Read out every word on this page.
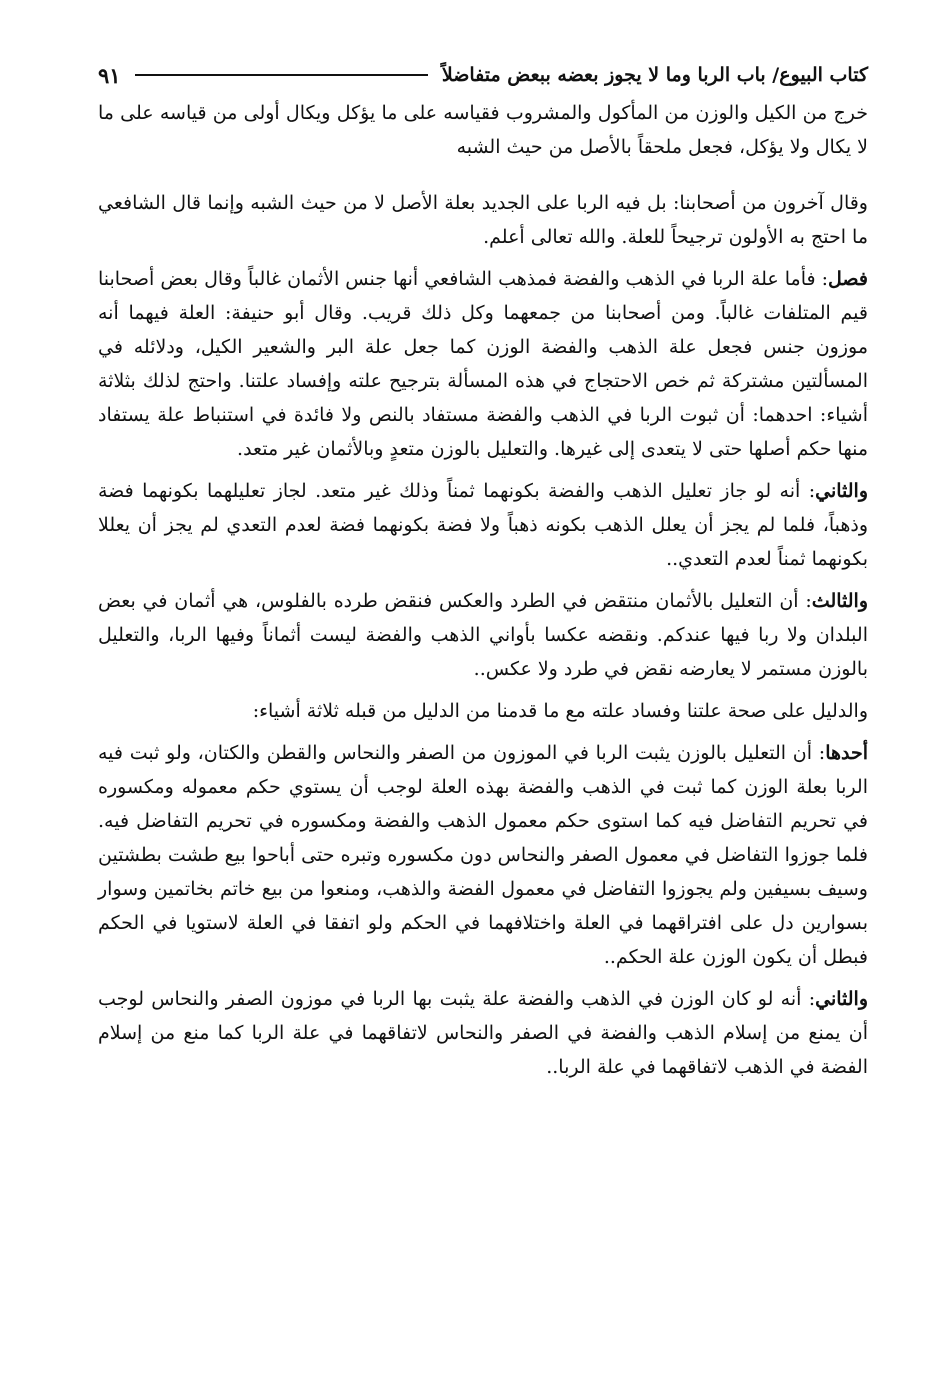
كتاب البيوع/ باب الربا وما لا يجوز بعضه ببعض متفاضلاً
٩١

خرج من الكيل والوزن من المأكول والمشروب فقياسه على ما يؤكل ويكال أولى من قياسه على ما لا يكال ولا يؤكل، فجعل ملحقاً بالأصل من حيث الشبه

وقال آخرون من أصحابنا: بل فيه الربا على الجديد بعلة الأصل لا من حيث الشبه وإنما قال الشافعي ما احتج به الأولون ترجيحاً للعلة. والله تعالى أعلم.

فصل: فأما علة الربا في الذهب والفضة فمذهب الشافعي أنها جنس الأثمان غالباً وقال بعض أصحابنا قيم المتلفات غالباً. ومن أصحابنا من جمعهما وكل ذلك قريب. وقال أبو حنيفة: العلة فيهما أنه موزون جنس فجعل علة الذهب والفضة الوزن كما جعل علة البر والشعير الكيل، ودلائله في المسألتين مشتركة ثم خص الاحتجاج في هذه المسألة بترجيح علته وإفساد علتنا. واحتج لذلك بثلاثة أشياء: احدهما: أن ثبوت الربا في الذهب والفضة مستفاد بالنص ولا فائدة في استنباط علة يستفاد منها حكم أصلها حتى لا يتعدى إلى غيرها. والتعليل بالوزن متعدٍ وبالأثمان غير متعد.

والثاني: أنه لو جاز تعليل الذهب والفضة بكونهما ثمناً وذلك غير متعد. لجاز تعليلهما بكونهما فضة وذهباً، فلما لم يجز أن يعلل الذهب بكونه ذهباً ولا فضة بكونهما فضة لعدم التعدي لم يجز أن يعللا بكونهما ثمناً لعدم التعدي..

والثالث: أن التعليل بالأثمان منتقض في الطرد والعكس فنقض طرده بالفلوس، هي أثمان في بعض البلدان ولا ربا فيها عندكم. ونقضه عكسا بأواني الذهب والفضة ليست أثماناً وفيها الربا، والتعليل بالوزن مستمر لا يعارضه نقض في طرد ولا عكس..

والدليل على صحة علتنا وفساد علته مع ما قدمنا من الدليل من قبله ثلاثة أشياء:

أحدها: أن التعليل بالوزن يثبت الربا في الموزون من الصفر والنحاس والقطن والكتان، ولو ثبت فيه الربا بعلة الوزن كما ثبت في الذهب والفضة بهذه العلة لوجب أن يستوي حكم معموله ومكسوره في تحريم التفاضل فيه كما استوى حكم معمول الذهب والفضة ومكسوره في تحريم التفاضل فيه. فلما جوزوا التفاضل في معمول الصفر والنحاس دون مكسوره وتبره حتى أباحوا بيع طشت بطشتين وسيف بسيفين ولم يجوزوا التفاضل في معمول الفضة والذهب، ومنعوا من بيع خاتم بخاتمين وسوار بسوارين دل على افتراقهما في العلة واختلافهما في الحكم ولو اتفقا في العلة لاستويا في الحكم فبطل أن يكون الوزن علة الحكم..

والثاني: أنه لو كان الوزن في الذهب والفضة علة يثبت بها الربا في موزون الصفر والنحاس لوجب أن يمنع من إسلام الذهب والفضة في الصفر والنحاس لاتفاقهما في علة الربا كما منع من إسلام الفضة في الذهب لاتفاقهما في علة الربا..
